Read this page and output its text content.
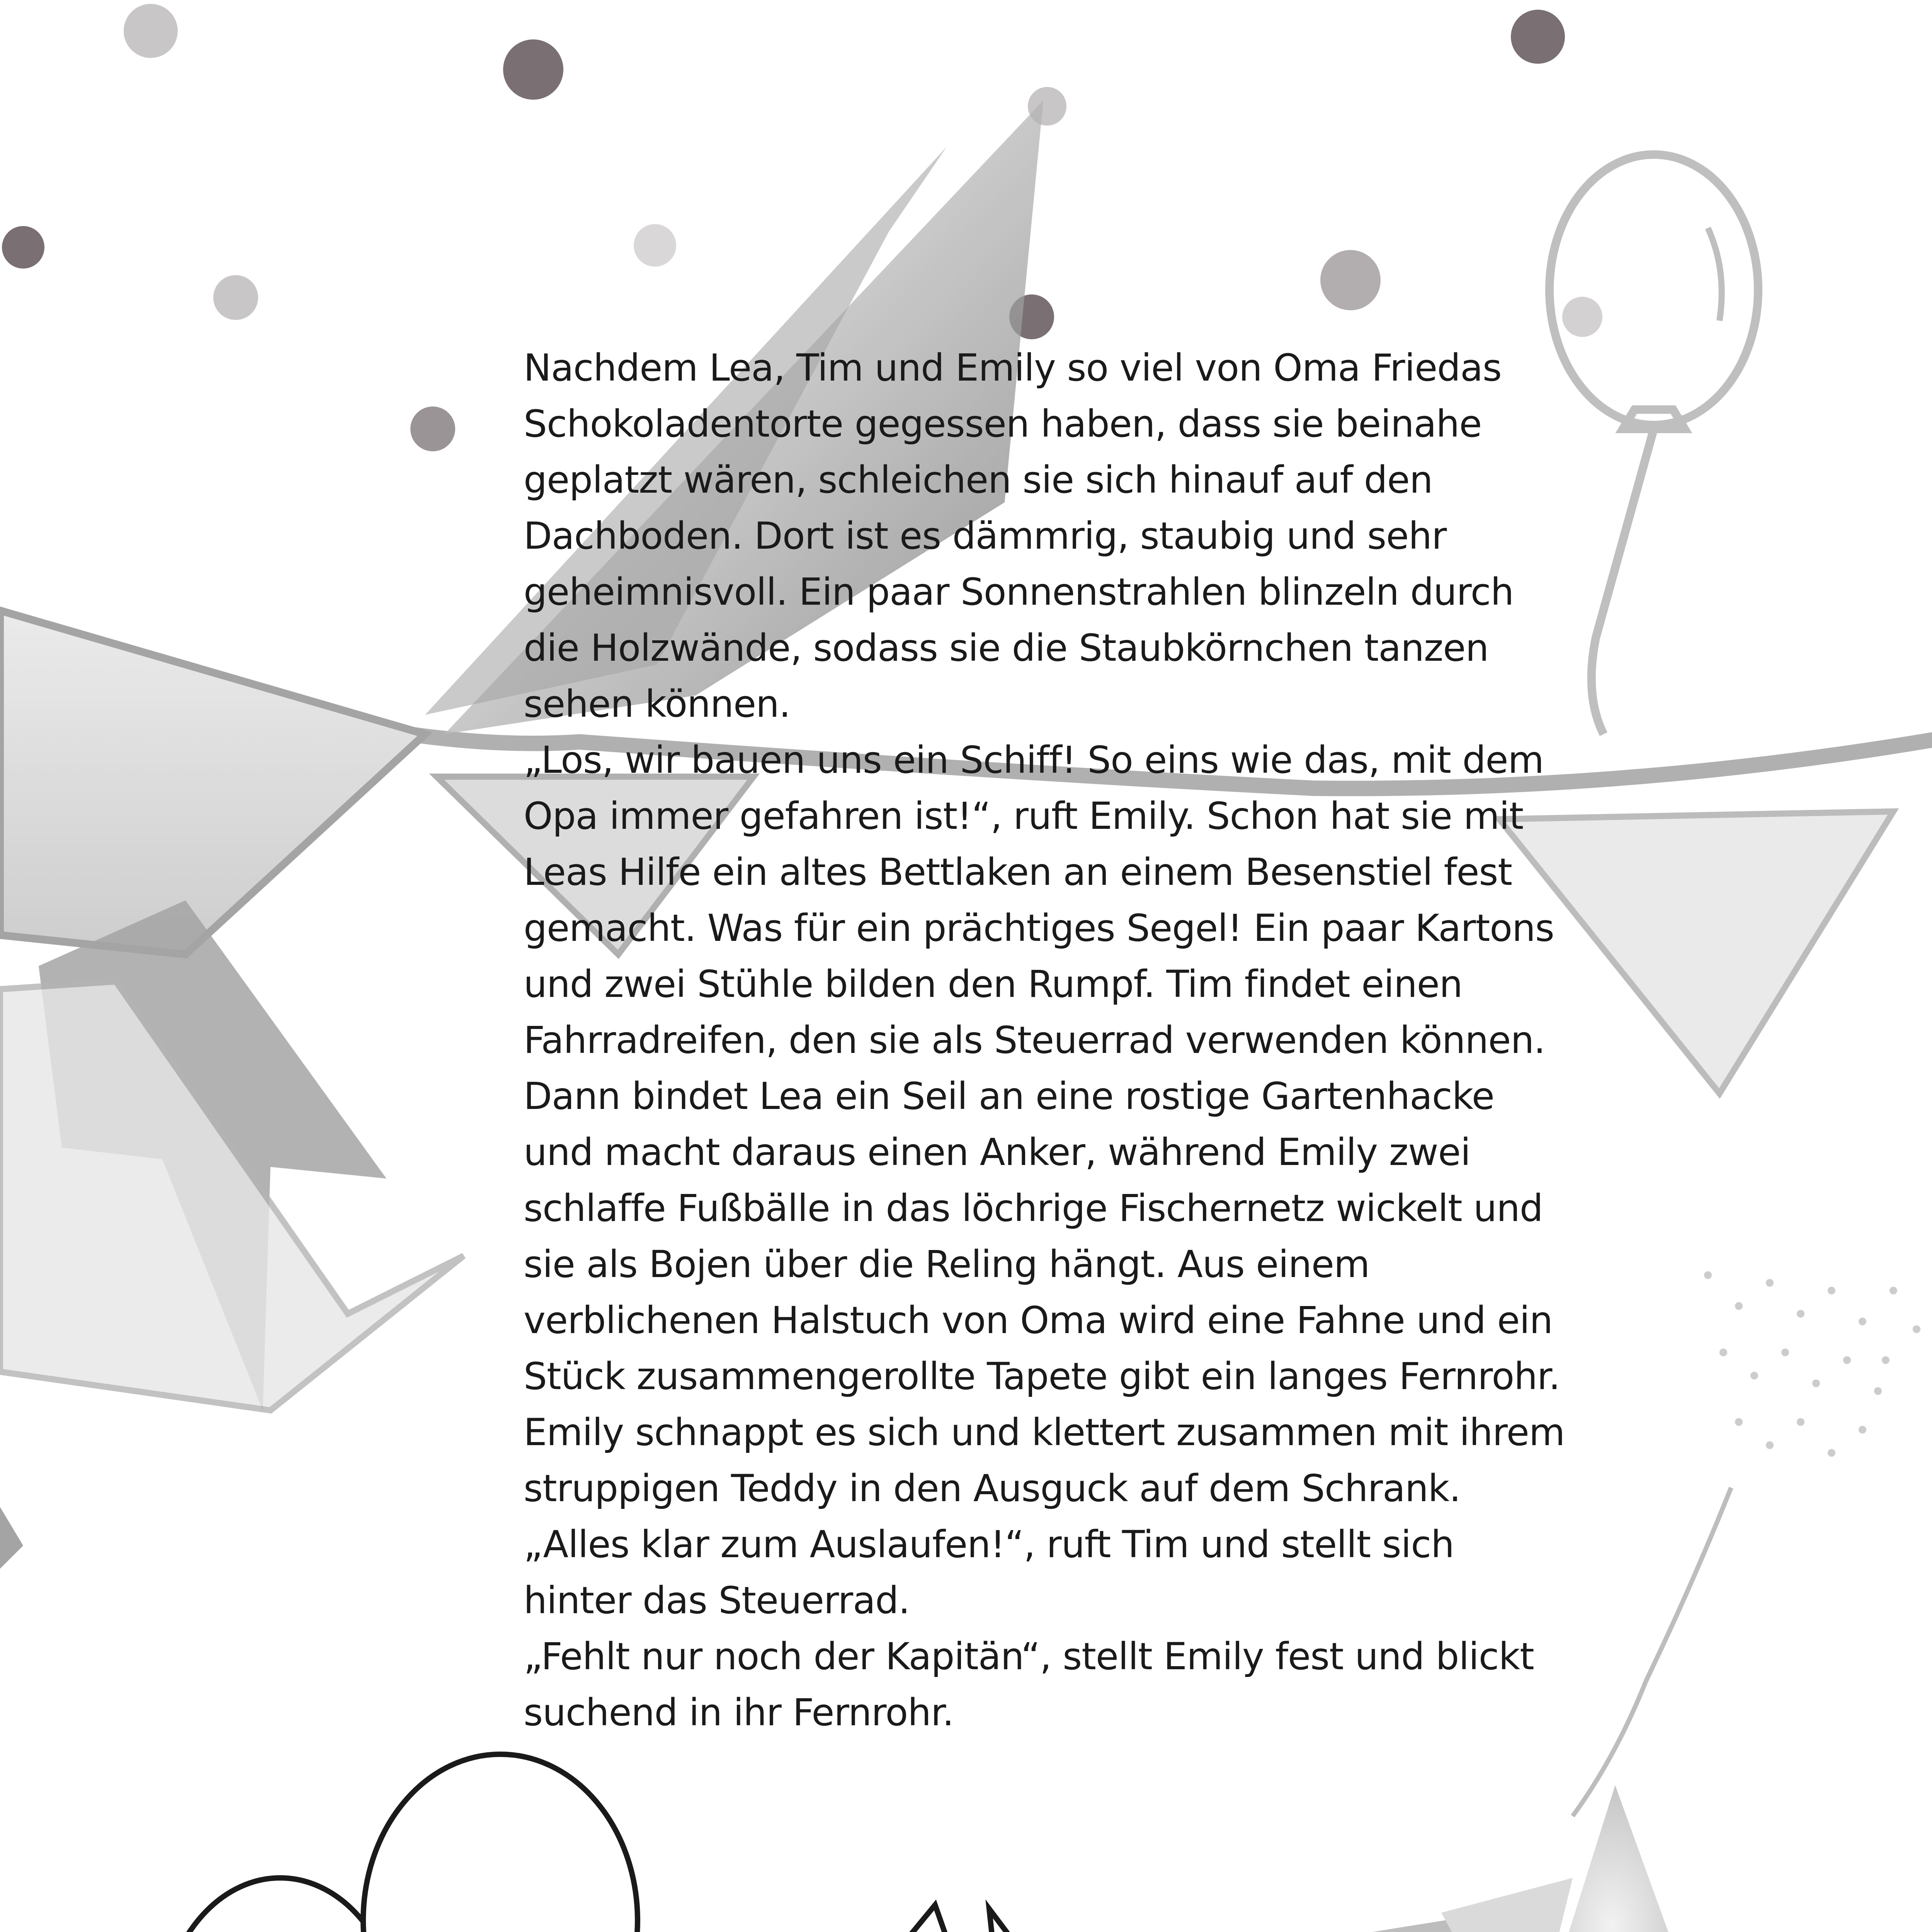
Nachdem Lea, Tim und Emily so viel von Oma Friedas Schokoladentorte gegessen haben, dass sie beinahe geplatzt wären, schleichen sie sich hinauf auf den Dachboden. Dort ist es dämmrig, staubig und sehr geheimnisvoll. Ein paar Sonnenstrahlen blinzeln durch die Holzwände, sodass sie die Staubkörnchen tanzen sehen können.

„Los, wir bauen uns ein Schiff! So eins wie das, mit dem Opa immer gefahren ist!“, ruft Emily. Schon hat sie mit Leas Hilfe ein altes Bettlaken an einem Besenstiel fest gemacht. Was für ein prächtiges Segel! Ein paar Kartons und zwei Stühle bilden den Rumpf. Tim findet einen Fahrradreifen, den sie als Steuerrad verwenden können. Dann bindet Lea ein Seil an eine rostige Gartenhacke und macht daraus einen Anker, während Emily zwei schlaffe Fußbälle in das löchrige Fischernetz wickelt und sie als Bojen über die Reling hängt. Aus einem verblichenen Halstuch von Oma wird eine Fahne und ein Stück zusammengerollte Tapete gibt ein langes Fernrohr. Emily schnappt es sich und klettert zusammen mit ihrem struppigen Teddy in den Ausguck auf dem Schrank.

„Alles klar zum Auslaufen!“, ruft Tim und stellt sich hinter das Steuerrad.

„Fehlt nur noch der Kapitän“, stellt Emily fest und blickt suchend in ihr Fernrohr.
